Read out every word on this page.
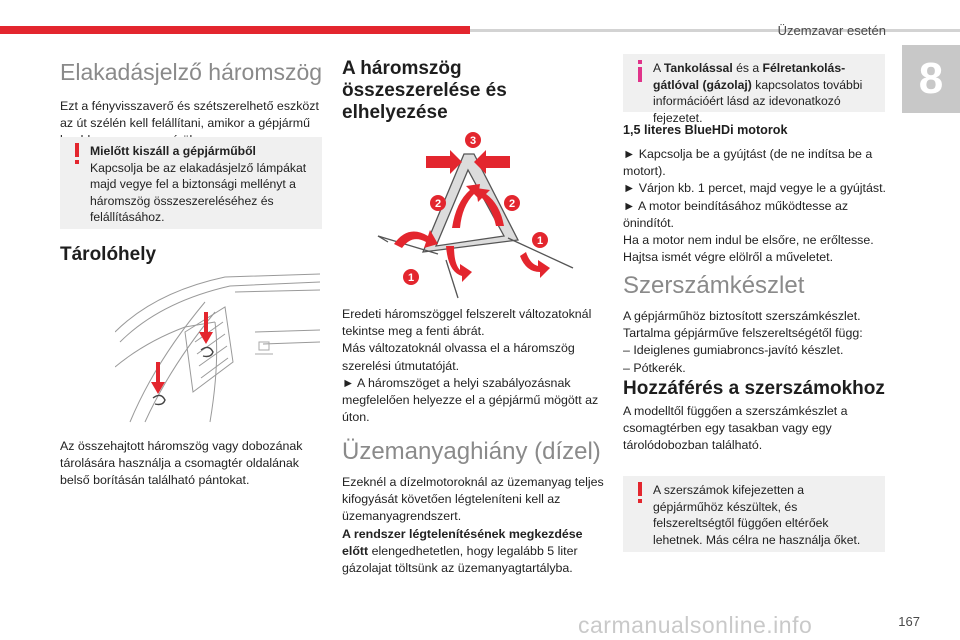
Üzemzavar esetén
8
Elakadásjelző háromszög

Ezt a fényvisszaverő és szétszerelhető eszközt az út szélén kell felállítani, amikor a gépjármű

Mielőtt kiszáll a gépjárműből
Kapcsolja be az elakadásjelző lámpákat majd vegye fel a biztonsági mellényt a háromszög összeszereléséhez és felállításához.
Tárolóhely

Az összehajtott háromszög vagy dobozának tárolására használja a csomagtér oldalának belső borításán található pántokat.

A háromszög összeszerelése és elhelyezése
3
2	2
1
1

Eredeti háromszöggel felszerelt változatoknál tekintse meg a fenti ábrát.

Más változatoknál olvassa el a háromszög szerelési útmutatóját.

► A háromszöget a helyi szabályozásnak megfelelően helyezze el a gépjármű mögött az úton.

Üzemanyaghiány (dízel)

Ezeknél a dízelmotoroknál az üzemanyag teljes kifogyását követően légteleníteni kell az üzemanyagrendszert.

A rendszer légtelenítésének megkezdése előtt elengedhetetlen, hogy legalább 5 liter gázolajat töltsünk az üzemanyagtartályba.

A Tankolással és a Félretankolás-gátlóval (gázolaj) kapcsolatos további információért lásd az idevonatkozó fejezetet.
1,5 literes BlueHDi motorok

► Kapcsolja be a gyújtást (de ne indítsa be a motort).

► Várjon kb. 1 percet, majd vegye le a gyújtást.

► A motor beindításához működtesse az önindítót.

Ha a motor nem indul be elsőre, ne erőltesse. Hajtsa ismét végre elölről a műveletet.

Szerszámkészlet

A gépjárműhöz biztosított szerszámkészlet.

Tartalma gépjárműve felszereltségétől függ:

– Ideiglenes gumiabroncs-javító készlet.

– Pótkerék.

Hozzáférés a szerszámokhoz

A modelltől függően a szerszámkészlet a csomagtérben egy tasakban vagy egy tárolódobozban található.

A szerszámok kifejezetten a gépjárműhöz készültek, és felszereltségtől függően eltérőek lehetnek. Más célra ne használja őket.
carmanualsonline.info	167
